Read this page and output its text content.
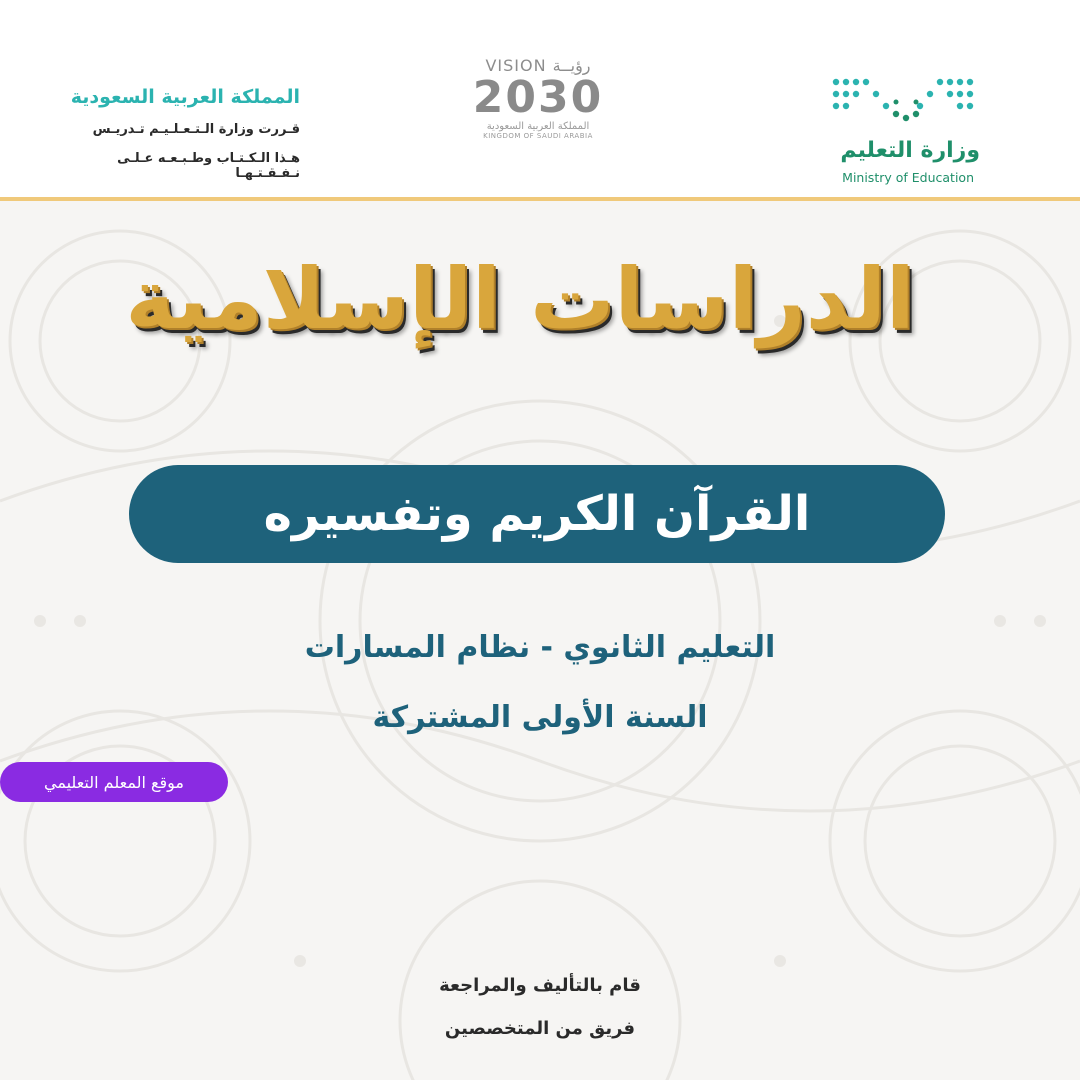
المملكة العربية السعودية
قـررت وزارة الـتـعـلـيـم تـدريـس
هـذا الـكـتـاب وطـبـعـه عـلـى نـفـقـتـهـا
VISION رؤيــة
2030
المملكة العربية السعودية
KINGDOM OF SAUDI ARABIA
وزارة التعليم
Ministry of Education
الدراسات الإسلامية
القرآن الكريم وتفسيره
التعليم الثانوي - نظام المسارات
السنة الأولى المشتركة
موقع المعلم التعليمي
قام بالتأليف والمراجعة
فريق من المتخصصين
